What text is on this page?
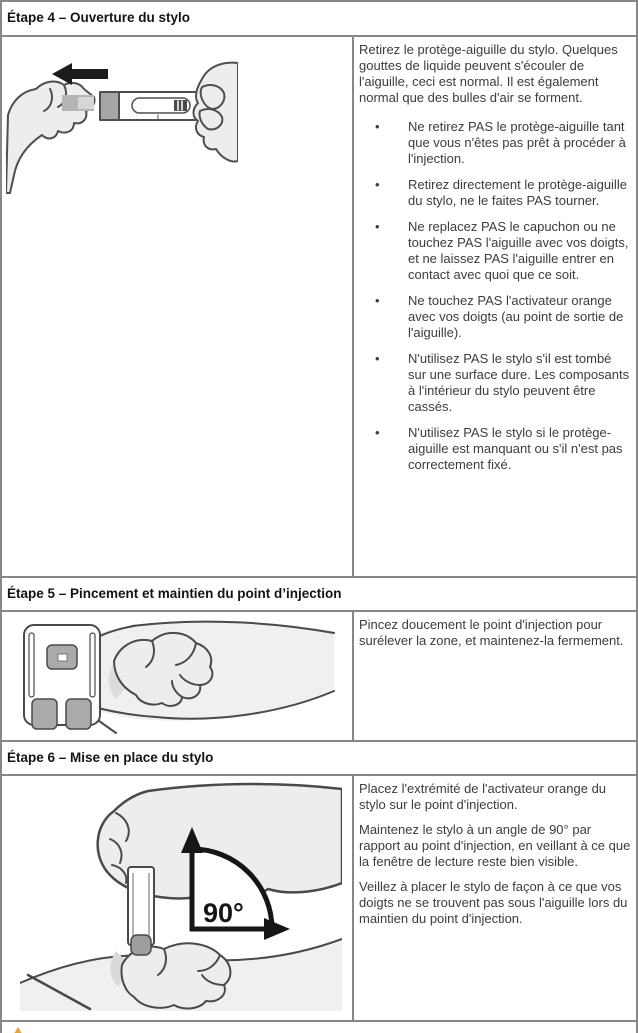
Étape 4 – Ouverture du stylo

Retirez le protège-aiguille du stylo. Quelques gouttes de liquide peuvent s'écouler de l'aiguille, ceci est normal. Il est également normal que des bulles d'air se forment.

•	Ne retirez PAS le protège-aiguille tant que vous n'êtes pas prêt à procéder à l'injection.
•	Retirez directement le protège-aiguille du stylo, ne le faites PAS tourner.
•	Ne replacez PAS le capuchon ou ne touchez PAS l'aiguille avec vos doigts, et ne laissez PAS l'aiguille entrer en contact avec quoi que ce soit.
•	Ne touchez PAS l'activateur orange avec vos doigts (au point de sortie de l'aiguille).
•	N'utilisez PAS le stylo s'il est tombé sur une surface dure. Les composants à l'intérieur du stylo peuvent être cassés.
•	N'utilisez PAS le stylo si le protège-aiguille est manquant ou s'il n'est pas correctement fixé.
Étape 5 – Pincement et maintien du point d’injection

Pincez doucement le point d'injection pour surélever la zone, et maintenez-la fermement.

Étape 6 – Mise en place du stylo
90°

Placez l'extrémité de l'activateur orange du stylo sur le point d'injection.

Maintenez le stylo à un angle de 90° par rapport au point d'injection, en veillant à ce que la fenêtre de lecture reste bien visible.

Veillez à placer le stylo de façon à ce que vos doigts ne se trouvent pas sous l'aiguille lors du maintien du point d'injection.
